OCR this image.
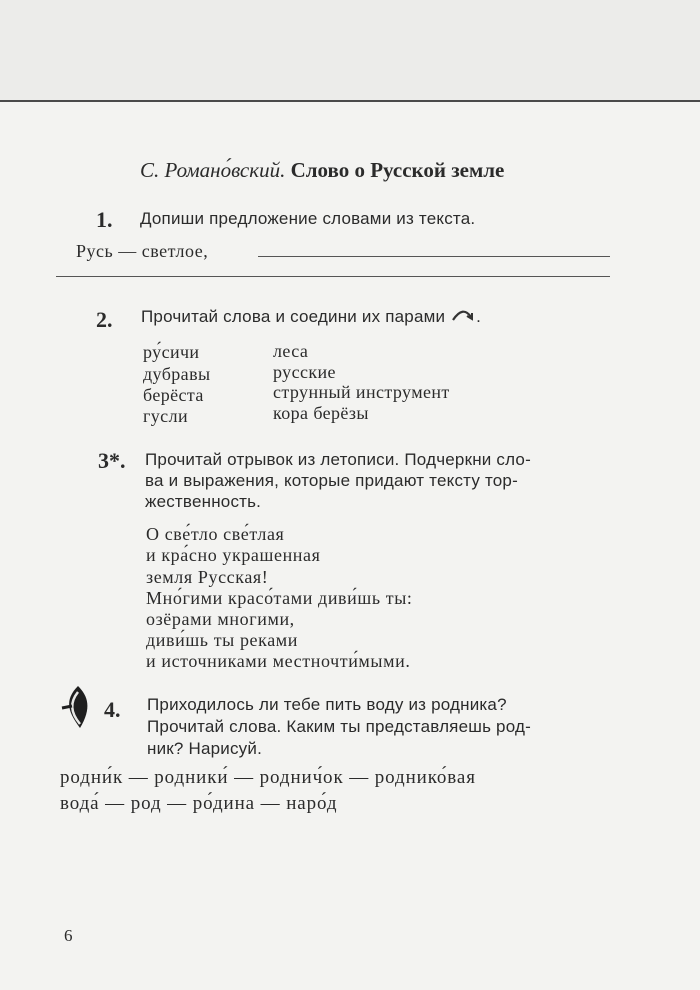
С. Романо́вский. Слово о Русской земле
1. Допиши предложение словами из текста.
Русь — светлое,
2. Прочитай слова и соедини их парами .
ру́сичи
дубравы
берёста
гусли
леса
русские
струнный инструмент
кора берёзы
3*. Прочитай отрывок из летописи. Подчеркни сло-
ва и выражения, которые придают тексту тор-
жественность.
О све́тло све́тлая
и кра́сно украшенная
земля Русская!
Мно́гими красо́тами диви́шь ты:
озёрами многими,
диви́шь ты реками
и источниками местночти́мыми.
4. Приходилось ли тебе пить воду из родника?
Прочитай слова. Каким ты представляешь род-
ник? Нарисуй.
родни́к — родники́ — роднич́ок — роднико́вая
вода́ — род — ро́дина — наро́д
6
